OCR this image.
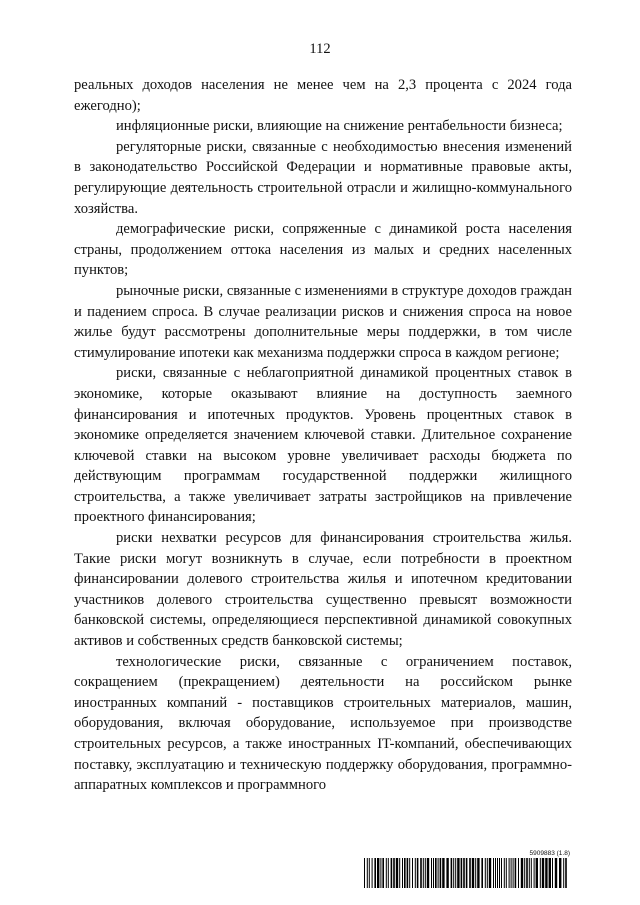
112

реальных доходов населения не менее чем на 2,3 процента с 2024 года ежегодно);

инфляционные риски, влияющие на снижение рентабельности бизнеса;

регуляторные риски, связанные с необходимостью внесения изменений в законодательство Российской Федерации и нормативные правовые акты, регулирующие деятельность строительной отрасли и жилищно-коммунального хозяйства.

демографические риски, сопряженные с динамикой роста населения страны, продолжением оттока населения из малых и средних населенных пунктов;

рыночные риски, связанные с изменениями в структуре доходов граждан и падением спроса. В случае реализации рисков и снижения спроса на новое жилье будут рассмотрены дополнительные меры поддержки, в том числе стимулирование ипотеки как механизма поддержки спроса в каждом регионе;

риски, связанные с неблагоприятной динамикой процентных ставок в экономике, которые оказывают влияние на доступность заемного финансирования и ипотечных продуктов. Уровень процентных ставок в экономике определяется значением ключевой ставки. Длительное сохранение ключевой ставки на высоком уровне увеличивает расходы бюджета по действующим программам государственной поддержки жилищного строительства, а также увеличивает затраты застройщиков на привлечение проектного финансирования;

риски нехватки ресурсов для финансирования строительства жилья. Такие риски могут возникнуть в случае, если потребности в проектном финансировании долевого строительства жилья и ипотечном кредитовании участников долевого строительства существенно превысят возможности банковской системы, определяющиеся перспективной динамикой совокупных активов и собственных средств банковской системы;

технологические риски, связанные с ограничением поставок, сокращением (прекращением) деятельности на российском рынке иностранных компаний - поставщиков строительных материалов, машин, оборудования, включая оборудование, используемое при производстве строительных ресурсов, а также иностранных IT-компаний, обеспечивающих поставку, эксплуатацию и техническую поддержку оборудования, программно-аппаратных комплексов и программного

5909883 (1.8)
